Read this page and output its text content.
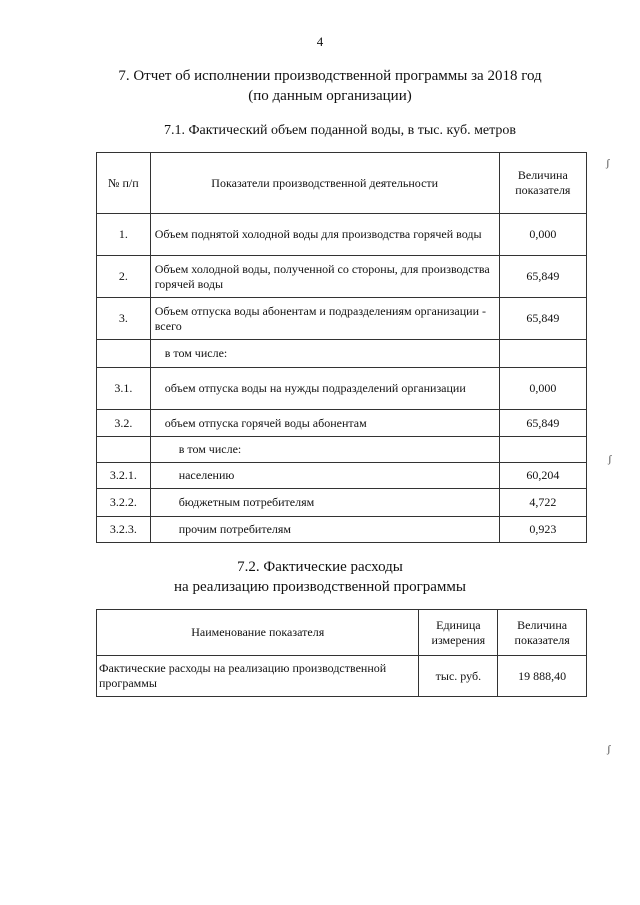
4
7. Отчет об исполнении производственной программы за 2018 год
(по данным организации)
7.1. Фактический объем поданной воды, в тыс. куб. метров
№ п/п	Показатели производственной деятельности	Величина показателя
1.	Объем поднятой холодной воды для производства горячей воды	0,000
2.	Объем холодной воды, полученной со стороны, для производства горячей воды	65,849
3.	Объем отпуска воды абонентам и подразделениям организации - всего	65,849
	в том числе:	
3.1.	объем отпуска воды на нужды подразделений организации	0,000
3.2.	объем отпуска горячей воды абонентам	65,849
	в том числе:	
3.2.1.	населению	60,204
3.2.2.	бюджетным потребителям	4,722
3.2.3.	прочим потребителям	0,923
7.2. Фактические расходы
на реализацию производственной программы
Наименование показателя	Единица измерения	Величина показателя
Фактические расходы на реализацию производственной программы	тыс. руб.	19 888,40
ʃ
ʃ
ʃ
